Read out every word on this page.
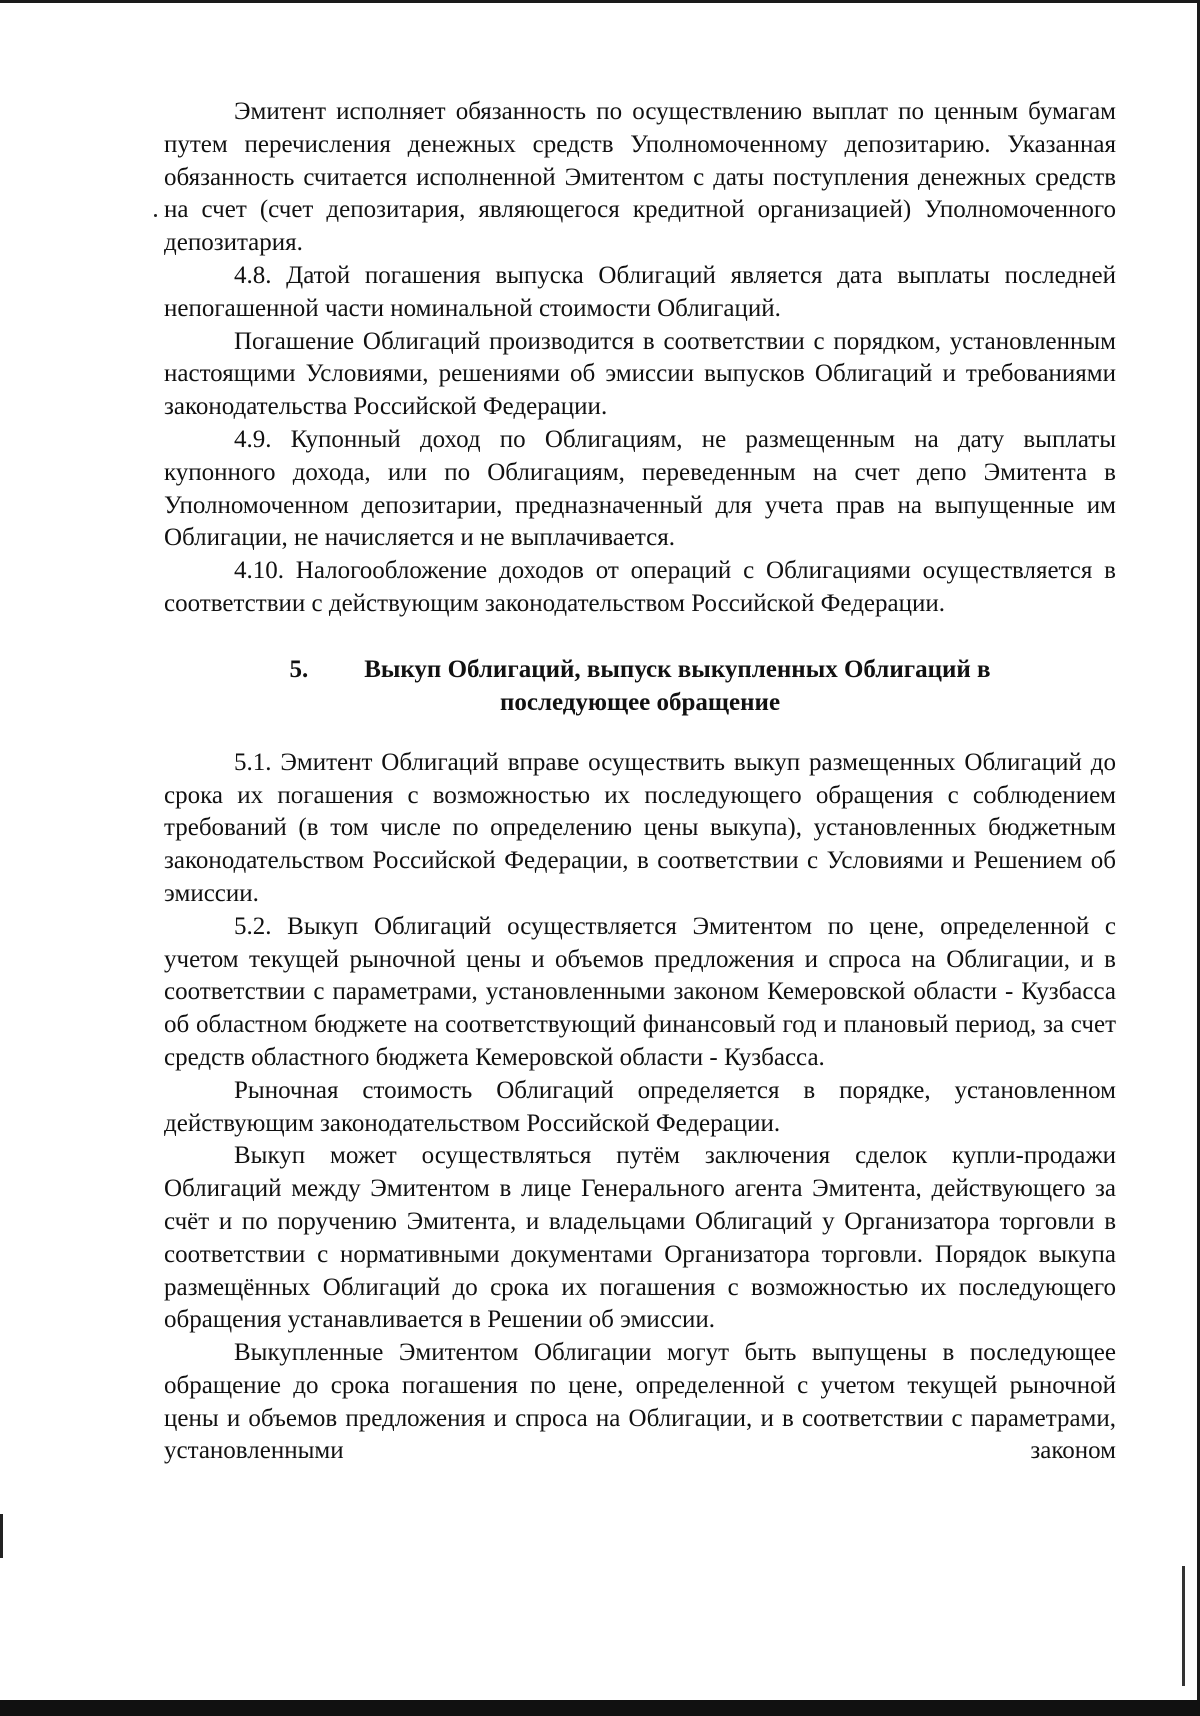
Эмитент исполняет обязанность по осуществлению выплат по ценным бумагам путем перечисления денежных средств Уполномоченному депозитарию. Указанная обязанность считается исполненной Эмитентом с даты поступления денежных средств на счет (счет депозитария, являющегося кредитной организацией) Уполномоченного депозитария.

4.8. Датой погашения выпуска Облигаций является дата выплаты последней непогашенной части номинальной стоимости Облигаций.

Погашение Облигаций производится в соответствии с порядком, установленным настоящими Условиями, решениями об эмиссии выпусков Облигаций и требованиями законодательства Российской Федерации.

4.9. Купонный доход по Облигациям, не размещенным на дату выплаты купонного дохода, или по Облигациям, переведенным на счет депо Эмитента в Уполномоченном депозитарии, предназначенный для учета прав на выпущенные им Облигации, не начисляется и не выплачивается.

4.10. Налогообложение доходов от операций с Облигациями осуществляется в соответствии с действующим законодательством Российской Федерации.

5. Выкуп Облигаций, выпуск выкупленных Облигаций в
последующее обращение

5.1. Эмитент Облигаций вправе осуществить выкуп размещенных Облигаций до срока их погашения с возможностью их последующего обращения с соблюдением требований (в том числе по определению цены выкупа), установленных бюджетным законодательством Российской Федерации, в соответствии с Условиями и Решением об эмиссии.

5.2. Выкуп Облигаций осуществляется Эмитентом по цене, определенной с учетом текущей рыночной цены и объемов предложения и спроса на Облигации, и в соответствии с параметрами, установленными законом Кемеровской области - Кузбасса об областном бюджете на соответствующий финансовый год и плановый период, за счет средств областного бюджета Кемеровской области - Кузбасса.

Рыночная стоимость Облигаций определяется в порядке, установленном действующим законодательством Российской Федерации.

Выкуп может осуществляться путём заключения сделок купли-продажи Облигаций между Эмитентом в лице Генерального агента Эмитента, действующего за счёт и по поручению Эмитента, и владельцами Облигаций у Организатора торговли в соответствии с нормативными документами Организатора торговли. Порядок выкупа размещённых Облигаций до срока их погашения с возможностью их последующего обращения устанавливается в Решении об эмиссии.

Выкупленные Эмитентом Облигации могут быть выпущены в последующее обращение до срока погашения по цене, определенной с учетом текущей рыночной цены и объемов предложения и спроса на Облигации, и в соответствии с параметрами, установленными законом
